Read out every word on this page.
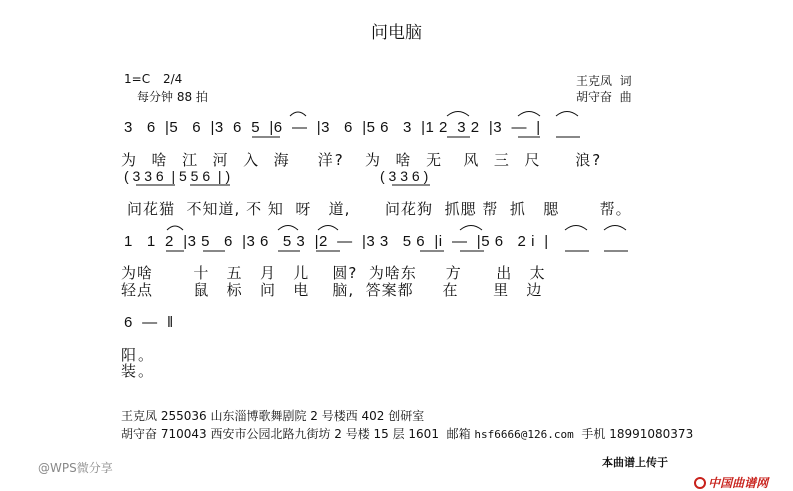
问电脑
1=C 2/4
每分钟 88 拍
王克凤  词
胡守奋  曲
3   6  |5   6  |3  6  5  |6  —  |3   6  |5 6   3  |1 2  3 2  |3  —  |
为  啥  江  河  入  海    洋?   为  啥  无   风  三  尺     浪?
( 3 3 6  | 5 5 6  | )	( 3 3 6 )
问花猫  不知道, 不 知  呀   道,      问花狗  抓腮 帮  抓   腮       帮。
1   1  2  |3 5   6  |3 6   5 3  |2  —  |3 3   5 6  |i  —  |5 6   2 i  |
为啥       十   五   月   儿    圆?  为啥东     方      出   太
轻点       鼠   标   问   电    脑,  答案都     在      里   边
6  —  ‖
阳。
装。
王克凤 255036 山东淄博歌舞剧院 2 号楼西 402 创研室
胡守奋 710043 西安市公园北路九街坊 2 号楼 15 层 1601  邮箱 hsf6666@126.com 手机 18991080373
@WPS微分享	本曲谱上传于

中国曲谱网
